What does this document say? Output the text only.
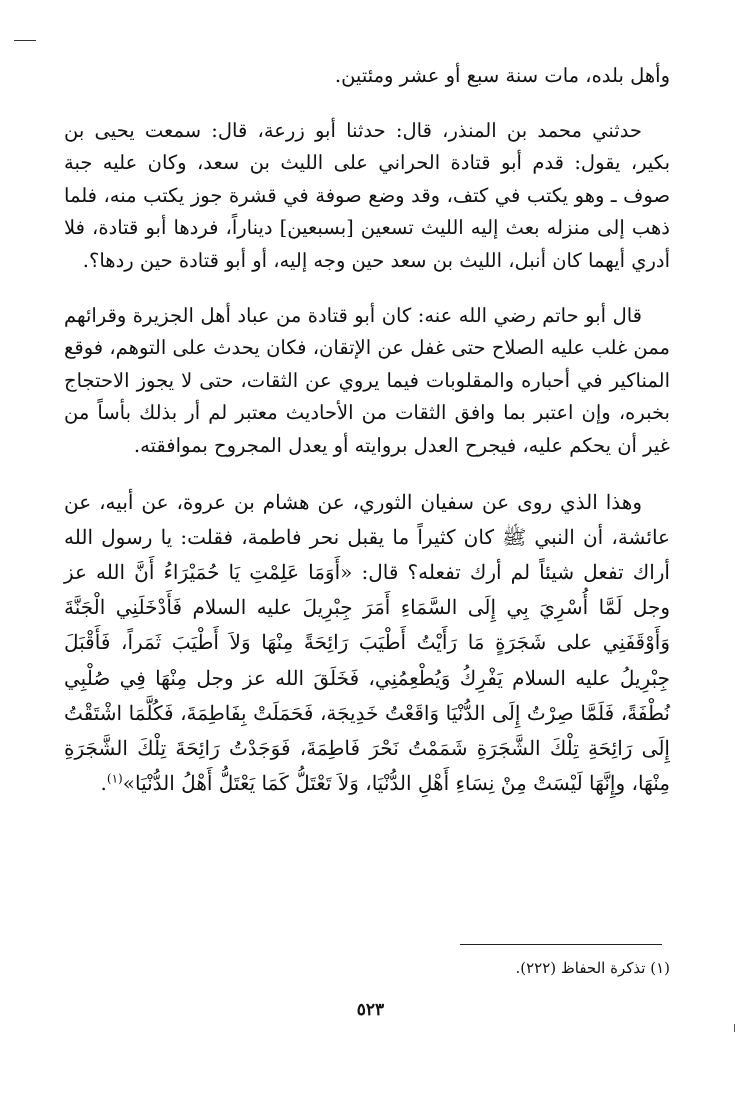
وأهل بلده، مات سنة سبع أو عشر ومئتين.

حدثني محمد بن المنذر، قال: حدثنا أبو زرعة، قال: سمعت يحيى بن بكير، يقول: قدم أبو قتادة الحراني على الليث بن سعد، وكان عليه جبة صوف ـ وهو يكتب في كتف، وقد وضع صوفة في قشرة جوز يكتب منه، فلما ذهب إلى منزله بعث إليه الليث تسعين [بسبعين] ديناراً، فردها أبو قتادة، فلا أدري أيهما كان أنبل، الليث بن سعد حين وجه إليه، أو أبو قتادة حين ردها؟.

قال أبو حاتم رضي الله عنه: كان أبو قتادة من عباد أهل الجزيرة وقرائهم ممن غلب عليه الصلاح حتى غفل عن الإتقان، فكان يحدث على التوهم، فوقع المناكير في أحباره والمقلوبات فيما يروي عن الثقات، حتى لا يجوز الاحتجاج بخبره، وإن اعتبر بما وافق الثقات من الأحاديث معتبر لم أر بذلك بأساً من غير أن يحكم عليه، فيجرح العدل بروايته أو يعدل المجروح بموافقته.

وهذا الذي روى عن سفيان الثوري، عن هشام بن عروة، عن أبيه، عن عائشة، أن النبي ﷺ كان كثيراً ما يقبل نحر فاطمة، فقلت: يا رسول الله أراك تفعل شيئاً لم أرك تفعله؟ قال: «أَوَمَا عَلِمْتِ يَا حُمَيْرَاءُ أَنَّ الله عز وجل لَمَّا أُسْرِيَ بِي إِلَى السَّمَاءِ أَمَرَ جِبْرِيلَ عليه السلام فَأَدْخَلَنِي الْجَنَّةَ وَأَوْقَفَنِي على شَجَرَةٍ مَا رَأَيْتُ أَطْيَبَ رَائِحَةً مِنْهَا وَلاَ أَطْيَبَ ثَمَراً، فَأَقْبَلَ جِبْرِيلُ عليه السلام يَفْرِكُ وَيُطْعِمُنِي، فَخَلَقَ الله عز وجل مِنْهَا فِي صُلْبِي نُطْفَةً، فَلَمَّا صِرْتُ إِلَى الدُّنْيَا وَاقَعْتُ خَدِيجَة، فَحَمَلَتْ بِفَاطِمَةَ، فَكُلَّمَا اشْتَقْتُ إِلَى رَائِحَةِ تِلْكَ الشَّجَرَةِ شَمَمْتُ نَحْرَ فَاطِمَةَ، فَوَجَدْتُ رَائِحَةَ تِلْكَ الشَّجَرَةِ مِنْهَا، وإِنَّهَا لَيْسَتْ مِنْ نِسَاءِ أَهْلِ الدُّنْيَا، وَلاَ تَعْتَلُّ كَمَا يَعْتَلُّ أَهْلُ الدُّنْيَا»$^{(١)}$.

(١) تذكرة الحفاظ (٢٢٢).
٥٢٣
